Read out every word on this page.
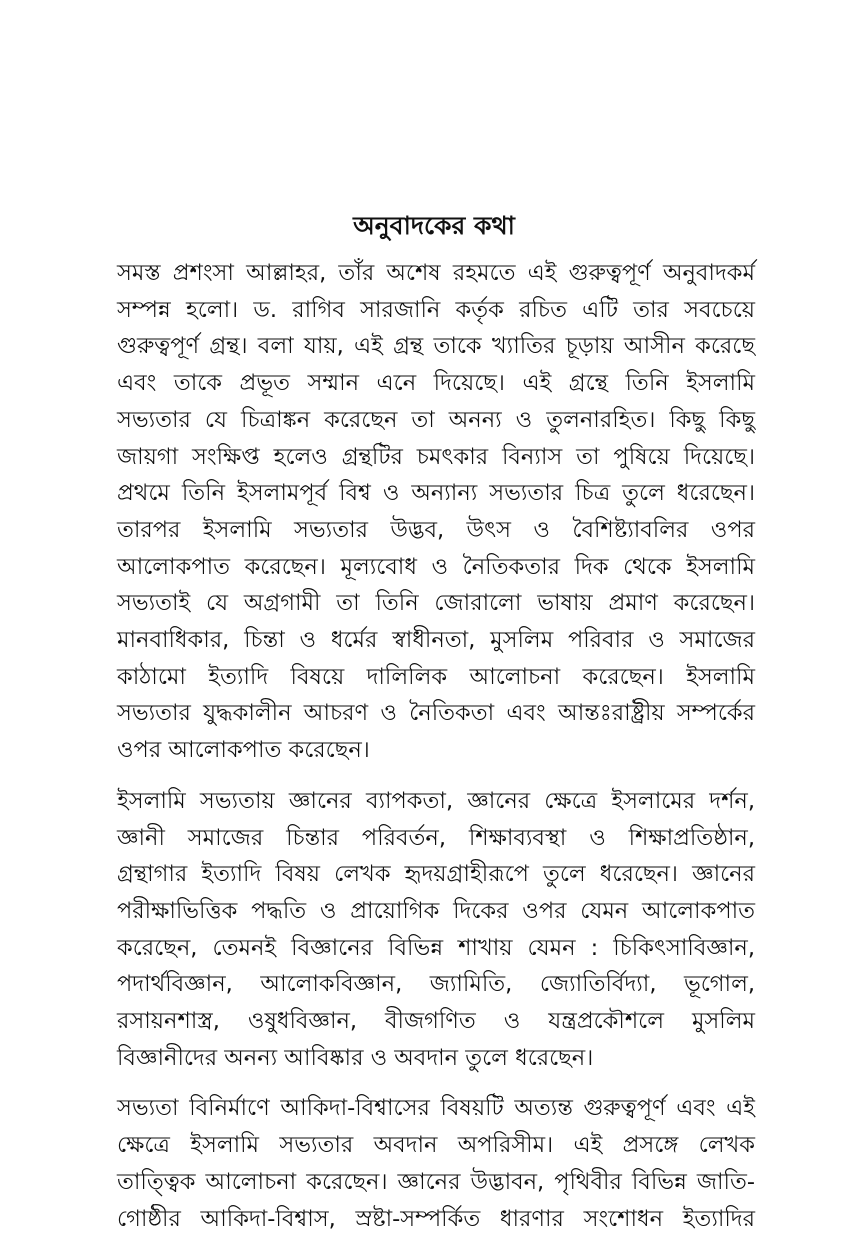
অনুবাদকের কথা

সমস্ত প্রশংসা আল্লাহর, তাঁর অশেষ রহমতে এই গুরুত্বপূর্ণ অনুবাদকর্ম
সম্পন্ন হলো। ড. রাগিব সারজানি কর্তৃক রচিত এটি তার সবচেয়ে
গুরুত্বপূর্ণ গ্রন্থ। বলা যায়, এই গ্রন্থ তাকে খ্যাতির চূড়ায় আসীন করেছে
এবং তাকে প্রভূত সম্মান এনে দিয়েছে। এই গ্রন্থে তিনি ইসলামি
সভ্যতার যে চিত্রাঙ্কন করেছেন তা অনন্য ও তুলনারহিত। কিছু কিছু
জায়গা সংক্ষিপ্ত হলেও গ্রন্থটির চমৎকার বিন্যাস তা পুষিয়ে দিয়েছে।
প্রথমে তিনি ইসলামপূর্ব বিশ্ব ও অন্যান্য সভ্যতার চিত্র তুলে ধরেছেন।
তারপর ইসলামি সভ্যতার উদ্ভব, উৎস ও বৈশিষ্ট্যাবলির ওপর
আলোকপাত করেছেন। মূল্যবোধ ও নৈতিকতার দিক থেকে ইসলামি
সভ্যতাই যে অগ্রগামী তা তিনি জোরালো ভাষায় প্রমাণ করেছেন।
মানবাধিকার, চিন্তা ও ধর্মের স্বাধীনতা, মুসলিম পরিবার ও সমাজের
কাঠামো ইত্যাদি বিষয়ে দালিলিক আলোচনা করেছেন। ইসলামি
সভ্যতার যুদ্ধকালীন আচরণ ও নৈতিকতা এবং আন্তঃরাষ্ট্রীয় সম্পর্কের
ওপর আলোকপাত করেছেন।

ইসলামি সভ্যতায় জ্ঞানের ব্যাপকতা, জ্ঞানের ক্ষেত্রে ইসলামের দর্শন,
জ্ঞানী সমাজের চিন্তার পরিবর্তন, শিক্ষাব্যবস্থা ও শিক্ষাপ্রতিষ্ঠান,
গ্রন্থাগার ইত্যাদি বিষয় লেখক হৃদয়গ্রাহীরূপে তুলে ধরেছেন। জ্ঞানের
পরীক্ষাভিত্তিক পদ্ধতি ও প্রায়োগিক দিকের ওপর যেমন আলোকপাত
করেছেন, তেমনই বিজ্ঞানের বিভিন্ন শাখায় যেমন : চিকিৎসাবিজ্ঞান,
পদার্থবিজ্ঞান, আলোকবিজ্ঞান, জ্যামিতি, জ্যোতির্বিদ্যা, ভূগোল,
রসায়নশাস্ত্র, ওষুধবিজ্ঞান, বীজগণিত ও যন্ত্রপ্রকৌশলে মুসলিম
বিজ্ঞানীদের অনন্য আবিষ্কার ও অবদান তুলে ধরেছেন।

সভ্যতা বিনির্মাণে আকিদা-বিশ্বাসের বিষয়টি অত্যন্ত গুরুত্বপূর্ণ এবং এই
ক্ষেত্রে ইসলামি সভ্যতার অবদান অপরিসীম। এই প্রসঙ্গে লেখক
তাত্ত্বিক আলোচনা করেছেন। জ্ঞানের উদ্ভাবন, পৃথিবীর বিভিন্ন জাতি-
গোষ্ঠীর আকিদা-বিশ্বাস, স্রষ্টা-সম্পর্কিত ধারণার সংশোধন ইত্যাদির
